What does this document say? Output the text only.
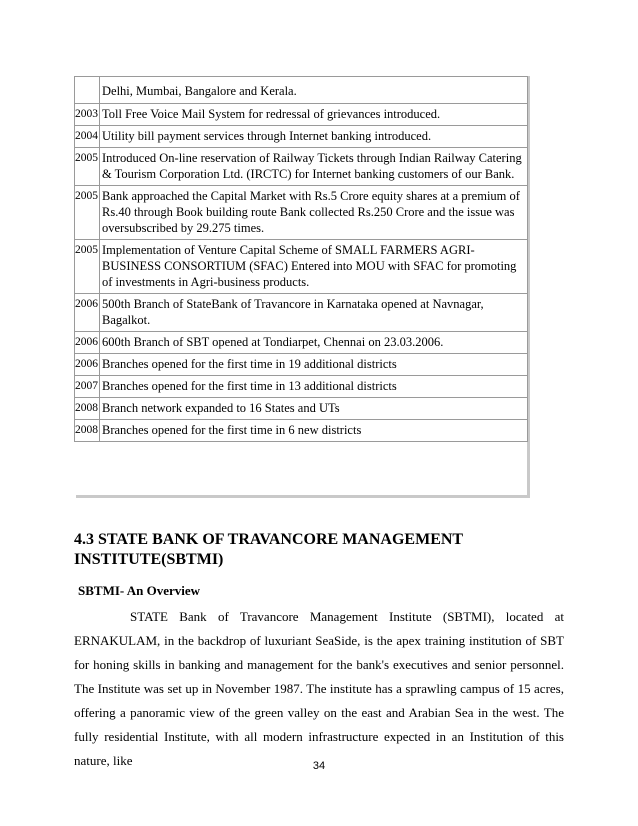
	Delhi, Mumbai, Bangalore and Kerala.
2003	Toll Free Voice Mail System for redressal of grievances introduced.
2004	Utility bill payment services through Internet banking introduced.
2005	Introduced On-line reservation of Railway Tickets through Indian Railway Catering & Tourism Corporation Ltd. (IRCTC) for Internet banking customers of our Bank.
2005	Bank approached the Capital Market with Rs.5 Crore equity shares at a premium of Rs.40 through Book building route Bank collected Rs.250 Crore and the issue was oversubscribed by 29.275 times.
2005	Implementation of Venture Capital Scheme of SMALL FARMERS AGRI-BUSINESS CONSORTIUM (SFAC) Entered into MOU with SFAC for promoting of investments in Agri-business products.
2006	500th Branch of StateBank of Travancore in Karnataka opened at Navnagar, Bagalkot.
2006	600th Branch of SBT opened at Tondiarpet, Chennai on 23.03.2006.
2006	Branches opened for the first time in 19 additional districts
2007	Branches opened for the first time in 13 additional districts
2008	Branch network expanded to 16 States and UTs
2008	Branches opened for the first time in 6 new districts
4.3 STATE BANK OF TRAVANCORE MANAGEMENT INSTITUTE(SBTMI)
SBTMI- An Overview
STATE Bank of Travancore Management Institute (SBTMI), located at ERNAKULAM, in the backdrop of luxuriant SeaSide, is the apex training institution of SBT for honing skills in banking and management for the bank's executives and senior personnel. The Institute was set up in November 1987. The institute has a sprawling campus of 15 acres, offering a panoramic view of the green valley on the east and Arabian Sea in the west. The fully residential Institute, with all modern infrastructure expected in an Institution of this nature, like	34
